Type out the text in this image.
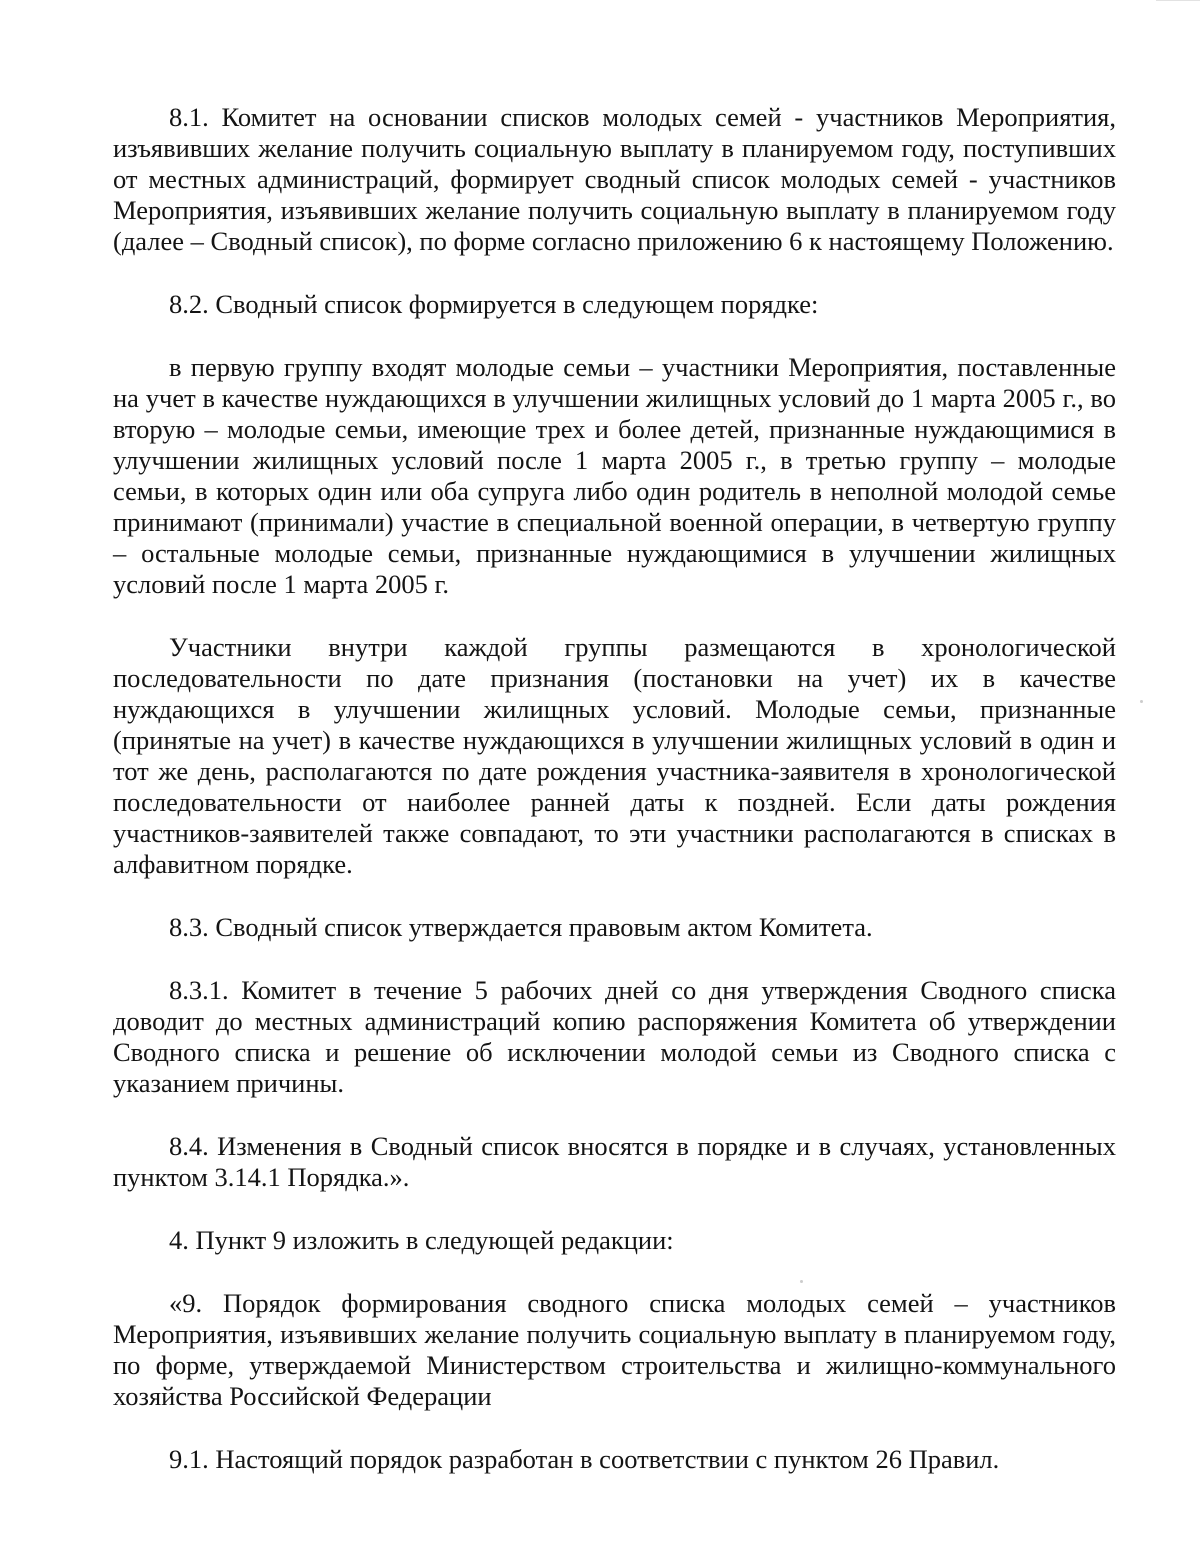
8.1. Комитет на основании списков молодых семей - участников Мероприятия, изъявивших желание получить социальную выплату в планируемом году, поступивших от местных администраций, формирует сводный список молодых семей - участников Мероприятия, изъявивших желание получить социальную выплату в планируемом году (далее – Сводный список), по форме согласно приложению 6 к настоящему Положению.

8.2. Сводный список формируется в следующем порядке:

в первую группу входят молодые семьи – участники Мероприятия, поставленные на учет в качестве нуждающихся в улучшении жилищных условий до 1 марта 2005 г., во вторую – молодые семьи, имеющие трех и более детей, признанные нуждающимися в улучшении жилищных условий после 1 марта 2005 г., в третью группу – молодые семьи, в которых один или оба супруга либо один родитель в неполной молодой семье принимают (принимали) участие в специальной военной операции, в четвертую группу – остальные молодые семьи, признанные нуждающимися в улучшении жилищных условий после 1 марта 2005 г.

Участники внутри каждой группы размещаются в хронологической последовательности по дате признания (постановки на учет) их в качестве нуждающихся в улучшении жилищных условий. Молодые семьи, признанные (принятые на учет) в качестве нуждающихся в улучшении жилищных условий в один и тот же день, располагаются по дате рождения участника-заявителя в хронологической последовательности от наиболее ранней даты к поздней. Если даты рождения участников-заявителей также совпадают, то эти участники располагаются в списках в алфавитном порядке.

8.3. Сводный список утверждается правовым актом Комитета.

8.3.1. Комитет в течение 5 рабочих дней со дня утверждения Сводного списка доводит до местных администраций копию распоряжения Комитета об утверждении Сводного списка и решение об исключении молодой семьи из Сводного списка с указанием причины.

8.4. Изменения в Сводный список вносятся в порядке и в случаях, установленных пунктом 3.14.1 Порядка.».

4. Пункт 9 изложить в следующей редакции:

«9. Порядок формирования сводного списка молодых семей – участников Мероприятия, изъявивших желание получить социальную выплату в планируемом году, по форме, утверждаемой Министерством строительства и жилищно-коммунального хозяйства Российской Федерации

9.1. Настоящий порядок разработан в соответствии с пунктом 26 Правил.
